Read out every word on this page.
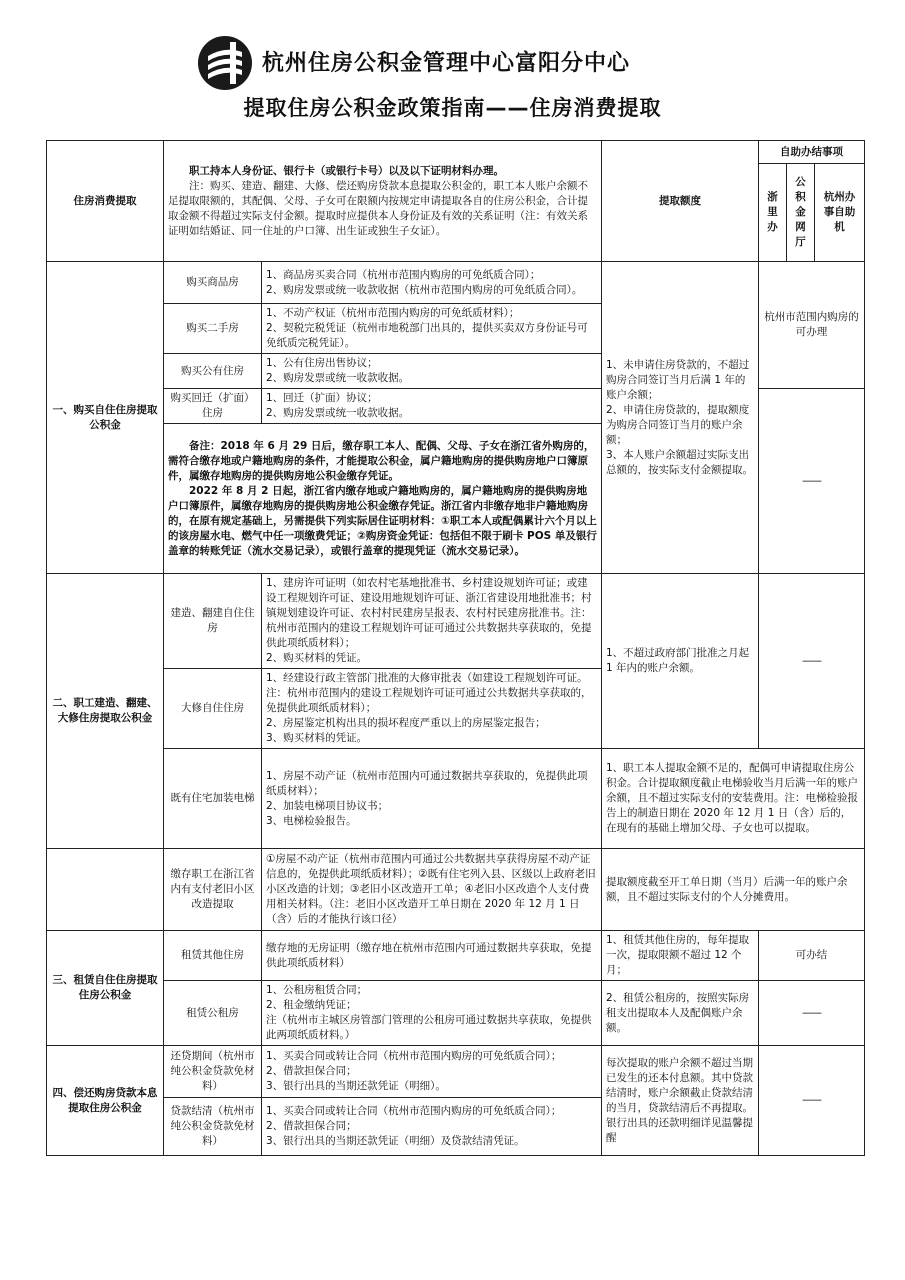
杭州住房公积金管理中心富阳分中心
提取住房公积金政策指南——住房消费提取
住房消费提取	职工持本人身份证、银行卡（或银行卡号）以及以下证明材料办理。

注：购买、建造、翻建、大修、偿还购房贷款本息提取公积金的，职工本人账户余额不足提取限额的，其配偶、父母、子女可在限额内按规定申请提取各自的住房公积金，合计提取金额不得超过实际支付金额。提取时应提供本人身份证及有效的关系证明（注：有效关系证明如结婚证、同一住址的户口簿、出生证或独生子女证）。		提取额度	自助办结事项		
				浙里办	公积金网厅	杭州办事自助机
一、购买自住住房提取公积金	购买商品房	1、商品房买卖合同（杭州市范围内购房的可免纸质合同）；
2、购房发票或统一收款收据（杭州市范围内购房的可免纸质合同）。	1、未申请住房贷款的，不超过购房合同签订当月后满 1 年的账户余额；
2、申请住房贷款的，提取额度为购房合同签订当月的账户余额；
3、本人账户余额超过实际支出总额的，按实际支付金额提取。	杭州市范围内购房的可办理		
	购买二手房	1、不动产权证（杭州市范围内购房的可免纸质材料）；
2、契税完税凭证（杭州市地税部门出具的，提供买卖双方身份证号可免纸质完税凭证）。				
	购买公有住房	1、公有住房出售协议；
2、购房发票或统一收款收据。				
	购买回迁（扩面）住房	1、回迁（扩面）协议；
2、购房发票或统一收款收据。		——		

	备注：2018 年 6 月 29 日后，缴存职工本人、配偶、父母、子女在浙江省外购房的，需符合缴存地或户籍地购房的条件，才能提取公积金，属户籍地购房的提供购房地户口簿原件，属缴存地购房的提供购房地公积金缴存凭证。

2022 年 8 月 2 日起，浙江省内缴存地或户籍地购房的，属户籍地购房的提供购房地户口簿原件，属缴存地购房的提供购房地公积金缴存凭证。浙江省内非缴存地非户籍地购房的，在原有规定基础上，另需提供下列实际居住证明材料：①职工本人或配偶累计六个月以上的该房屋水电、燃气中任一项缴费凭证；②购房资金凭证：包括但不限于刷卡 POS 单及银行盖章的转账凭证（流水交易记录），或银行盖章的提现凭证（流水交易记录）。					

二、职工建造、翻建、大修住房提取公积金	建造、翻建自住住房	1、建房许可证明（如农村宅基地批准书、乡村建设规划许可证；或建设工程规划许可证、建设用地规划许可证、浙江省建设用地批准书；村镇规划建设许可证、农村村民建房呈报表、农村村民建房批准书。注：杭州市范围内的建设工程规划许可证可通过公共数据共享获取的，免提供此项纸质材料）；
2、购买材料的凭证。	1、不超过政府部门批准之月起 1 年内的账户余额。	——		
	大修自住住房	1、经建设行政主管部门批准的大修审批表（如建设工程规划许可证。注：杭州市范围内的建设工程规划许可证可通过公共数据共享获取的，免提供此项纸质材料）；
2、房屋鉴定机构出具的损坏程度严重以上的房屋鉴定报告；
3、购买材料的凭证。				
	既有住宅加装电梯	1、房屋不动产证（杭州市范围内可通过数据共享获取的，免提供此项纸质材料）；
2、加装电梯项目协议书；
3、电梯检验报告。	1、职工本人提取金额不足的，配偶可申请提取住房公积金。合计提取额度截止电梯验收当月后满一年的账户余额，且不超过实际支付的安装费用。注：电梯检验报告上的制造日期在 2020 年 12 月 1 日（含）后的，在现有的基础上增加父母、子女也可以提取。			
	缴存职工在浙江省内有支付老旧小区改造提取	①房屋不动产证（杭州市范围内可通过公共数据共享获得房屋不动产证信息的，免提供此项纸质材料）；②既有住宅列入县、区级以上政府老旧小区改造的计划；③老旧小区改造开工单；④老旧小区改造个人支付费用相关材料。（注：老旧小区改造开工单日期在 2020 年 12 月 1 日（含）后的才能执行该口径）	提取额度截至开工单日期（当月）后满一年的账户余额，且不超过实际支付的个人分摊费用。			
三、租赁自住住房提取住房公积金	租赁其他住房	缴存地的无房证明（缴存地在杭州市范围内可通过数据共享获取，免提供此项纸质材料）	1、租赁其他住房的，每年提取一次，提取限额不超过 12 个月；	可办结		
	租赁公租房	1、公租房租赁合同；
2、租金缴纳凭证；
注（杭州市主城区房管部门管理的公租房可通过数据共享获取，免提供此两项纸质材料。）	2、租赁公租房的，按照实际房租支出提取本人及配偶账户余额。	——		
四、偿还购房贷款本息提取住房公积金	还贷期间（杭州市纯公积金贷款免材料）	1、买卖合同或转让合同（杭州市范围内购房的可免纸质合同）；
2、借款担保合同；
3、银行出具的当期还款凭证（明细）。	每次提取的账户余额不超过当期已发生的还本付息额。其中贷款结清时，账户余额截止贷款结清的当月，贷款结清后不再提取。
银行出具的还款明细详见温馨提醒	——		
	贷款结清（杭州市纯公积金贷款免材料）	1、买卖合同或转让合同（杭州市范围内购房的可免纸质合同）；
2、借款担保合同；
3、银行出具的当期还款凭证（明细）及贷款结清凭证。				
